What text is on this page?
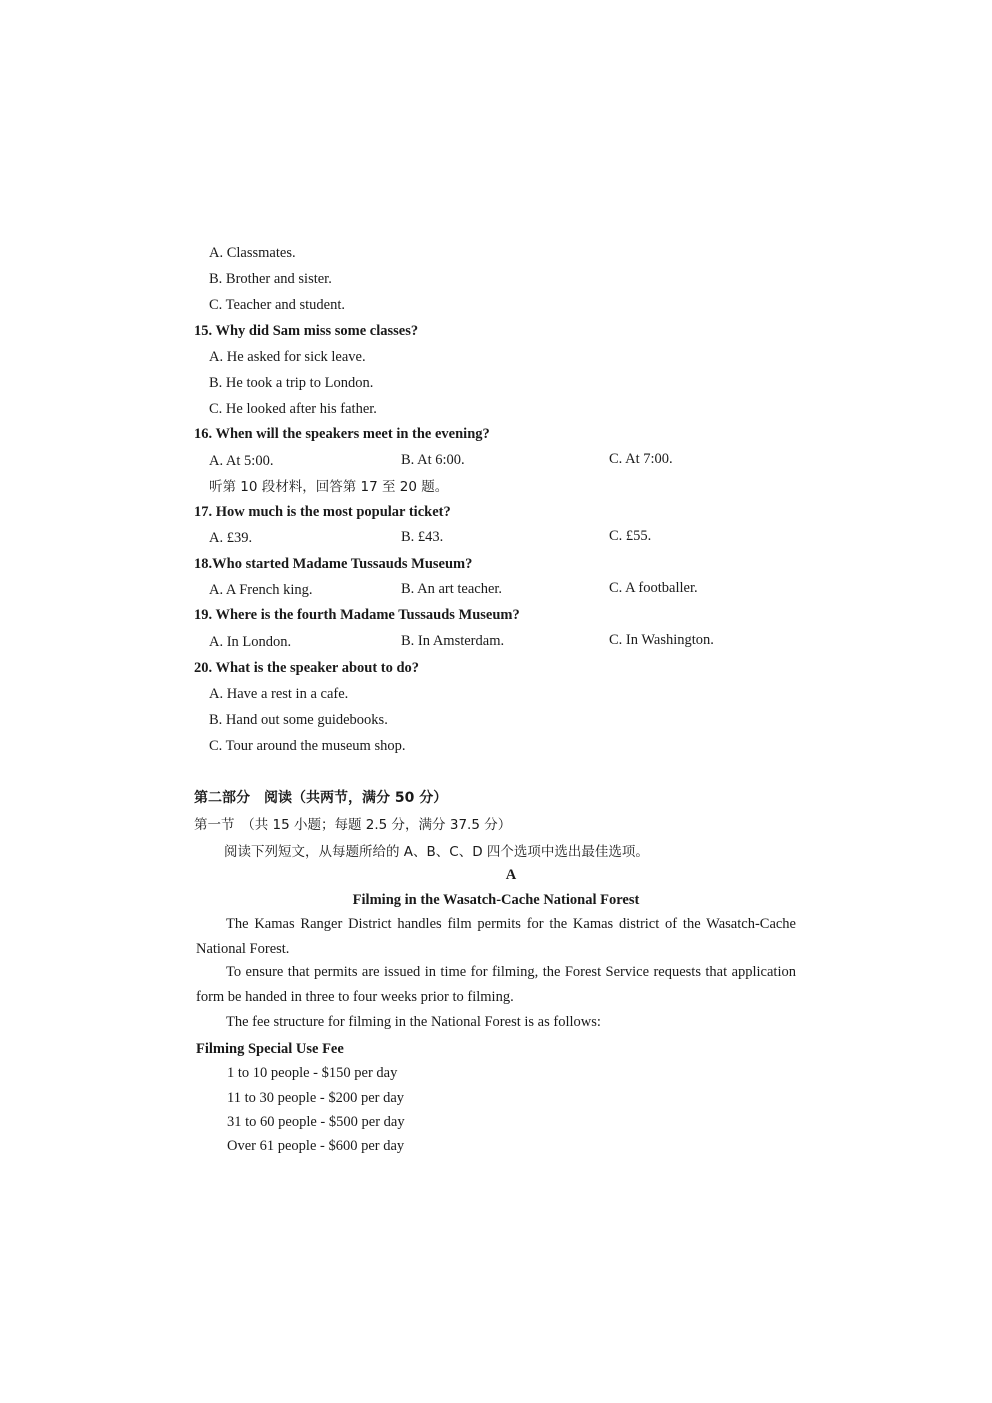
A. Classmates.
B. Brother and sister.
C. Teacher and student.
15. Why did Sam miss some classes?
A. He asked for sick leave.
B. He took a trip to London.
C. He looked after his father.
16. When will the speakers meet in the evening?
A. At 5:00.	B. At 6:00.	C. At 7:00.
听第 10 段材料，回答第 17 至 20 题。
17. How much is the most popular ticket?
A. £39.	B. £43.	C. £55.
18.Who started Madame Tussauds Museum?
A. A French king.	B. An art teacher.	C. A footballer.
19. Where is the fourth Madame Tussauds Museum?
A. In London.	B. In Amsterdam.	C. In Washington.
20. What is the speaker about to do?
A. Have a rest in a cafe.
B. Hand out some guidebooks.
C. Tour around the museum shop.
第二部分　阅读（共两节，满分 50 分）
第一节　（共 15 小题；每题 2.5 分，满分 37.5 分）
阅读下列短文，从每题所给的 A、B、C、D 四个选项中选出最佳选项。
A
Filming in the Wasatch-Cache National Forest
The Kamas Ranger District handles film permits for the Kamas district of the Wasatch-Cache National Forest.
To ensure that permits are issued in time for filming, the Forest Service requests that application form be handed in three to four weeks prior to filming.
The fee structure for filming in the National Forest is as follows:
Filming Special Use Fee
1 to 10 people - $150 per day
11 to 30 people - $200 per day
31 to 60 people - $500 per day
Over 61 people - $600 per day
